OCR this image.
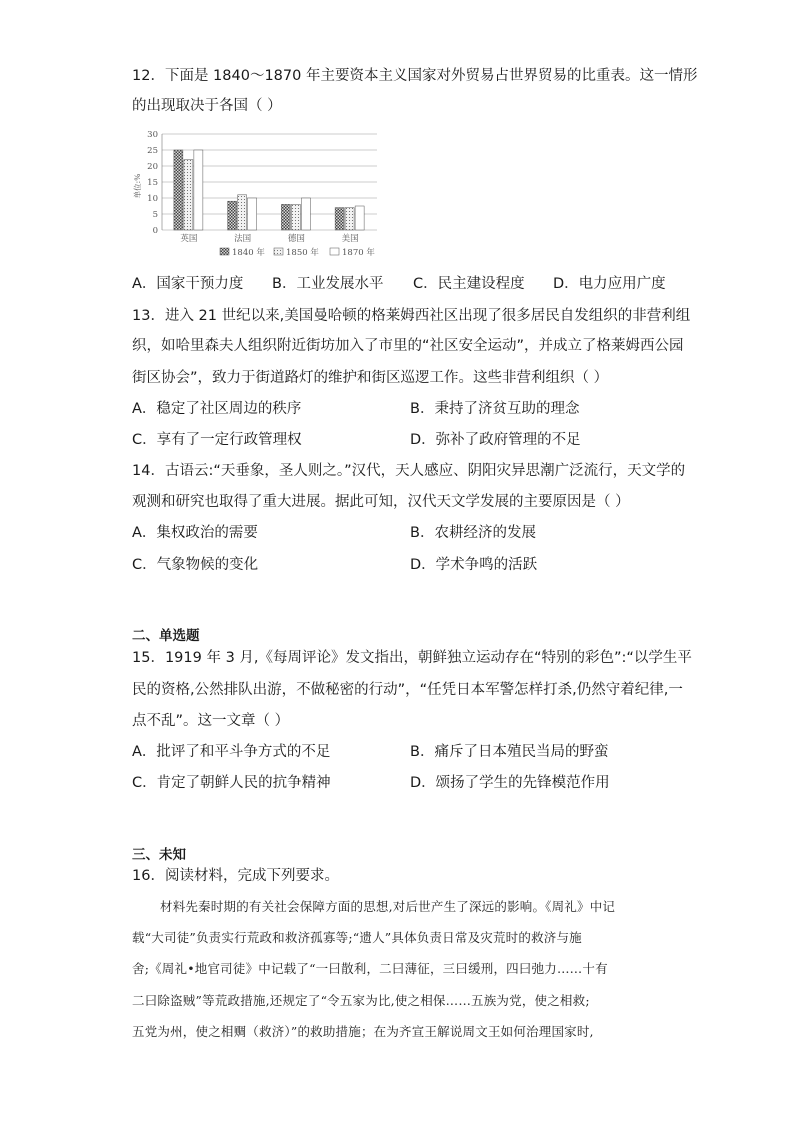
12．下面是 1840～1870 年主要资本主义国家对外贸易占世界贸易的比重表。这一情形
的出现取决于各国（ ）
0
5
10
15
20
25
30
英国	法国	德国	美国
单位:%
1840 年 1850 年	1870 年
A．国家干预力度 B．工业发展水平 C．民主建设程度 D．电力应用广度
13．进入 21 世纪以来,美国曼哈顿的格莱姆西社区出现了很多居民自发组织的非营利组
织，如哈里森夫人组织附近街坊加入了市里的“社区安全运动”，并成立了格莱姆西公园
街区协会”，致力于街道路灯的维护和街区巡逻工作。这些非营利组织（ ）
A．稳定了社区周边的秩序	B．秉持了济贫互助的理念
C．享有了一定行政管理权	D．弥补了政府管理的不足
14．古语云:“天垂象，圣人则之。”汉代，天人感应、阴阳灾异思潮广泛流行，天文学的
观测和研究也取得了重大进展。据此可知，汉代天文学发展的主要原因是（ ）
A．集权政治的需要	B．农耕经济的发展
C．气象物候的变化	D．学术争鸣的活跃
二、单选题
15．1919 年 3 月,《每周评论》发文指出，朝鲜独立运动存在“特别的彩色”:“以学生平
民的资格,公然排队出游，不做秘密的行动”，“任凭日本军警怎样打杀,仍然守着纪律,一
点不乱”。这一文章（ ）
A．批评了和平斗争方式的不足	B．痛斥了日本殖民当局的野蛮
C．肯定了朝鲜人民的抗争精神	D．颂扬了学生的先锋模范作用
三、未知
16．阅读材料，完成下列要求。
材料先秦时期的有关社会保障方面的思想,对后世产生了深远的影响。《周礼》中记
载“大司徒”负责实行荒政和救济孤寡等;“遗人”具体负责日常及灾荒时的救济与施
舍;《周礼•地官司徒》中记载了“一曰散利，二曰薄征，三曰缓刑，四曰弛力……十有
二曰除盗贼”等荒政措施,还规定了“令五家为比,使之相保……五族为党，使之相救;
五党为州，使之相赒（救济）”的救助措施；在为齐宣王解说周文王如何治理国家时,
